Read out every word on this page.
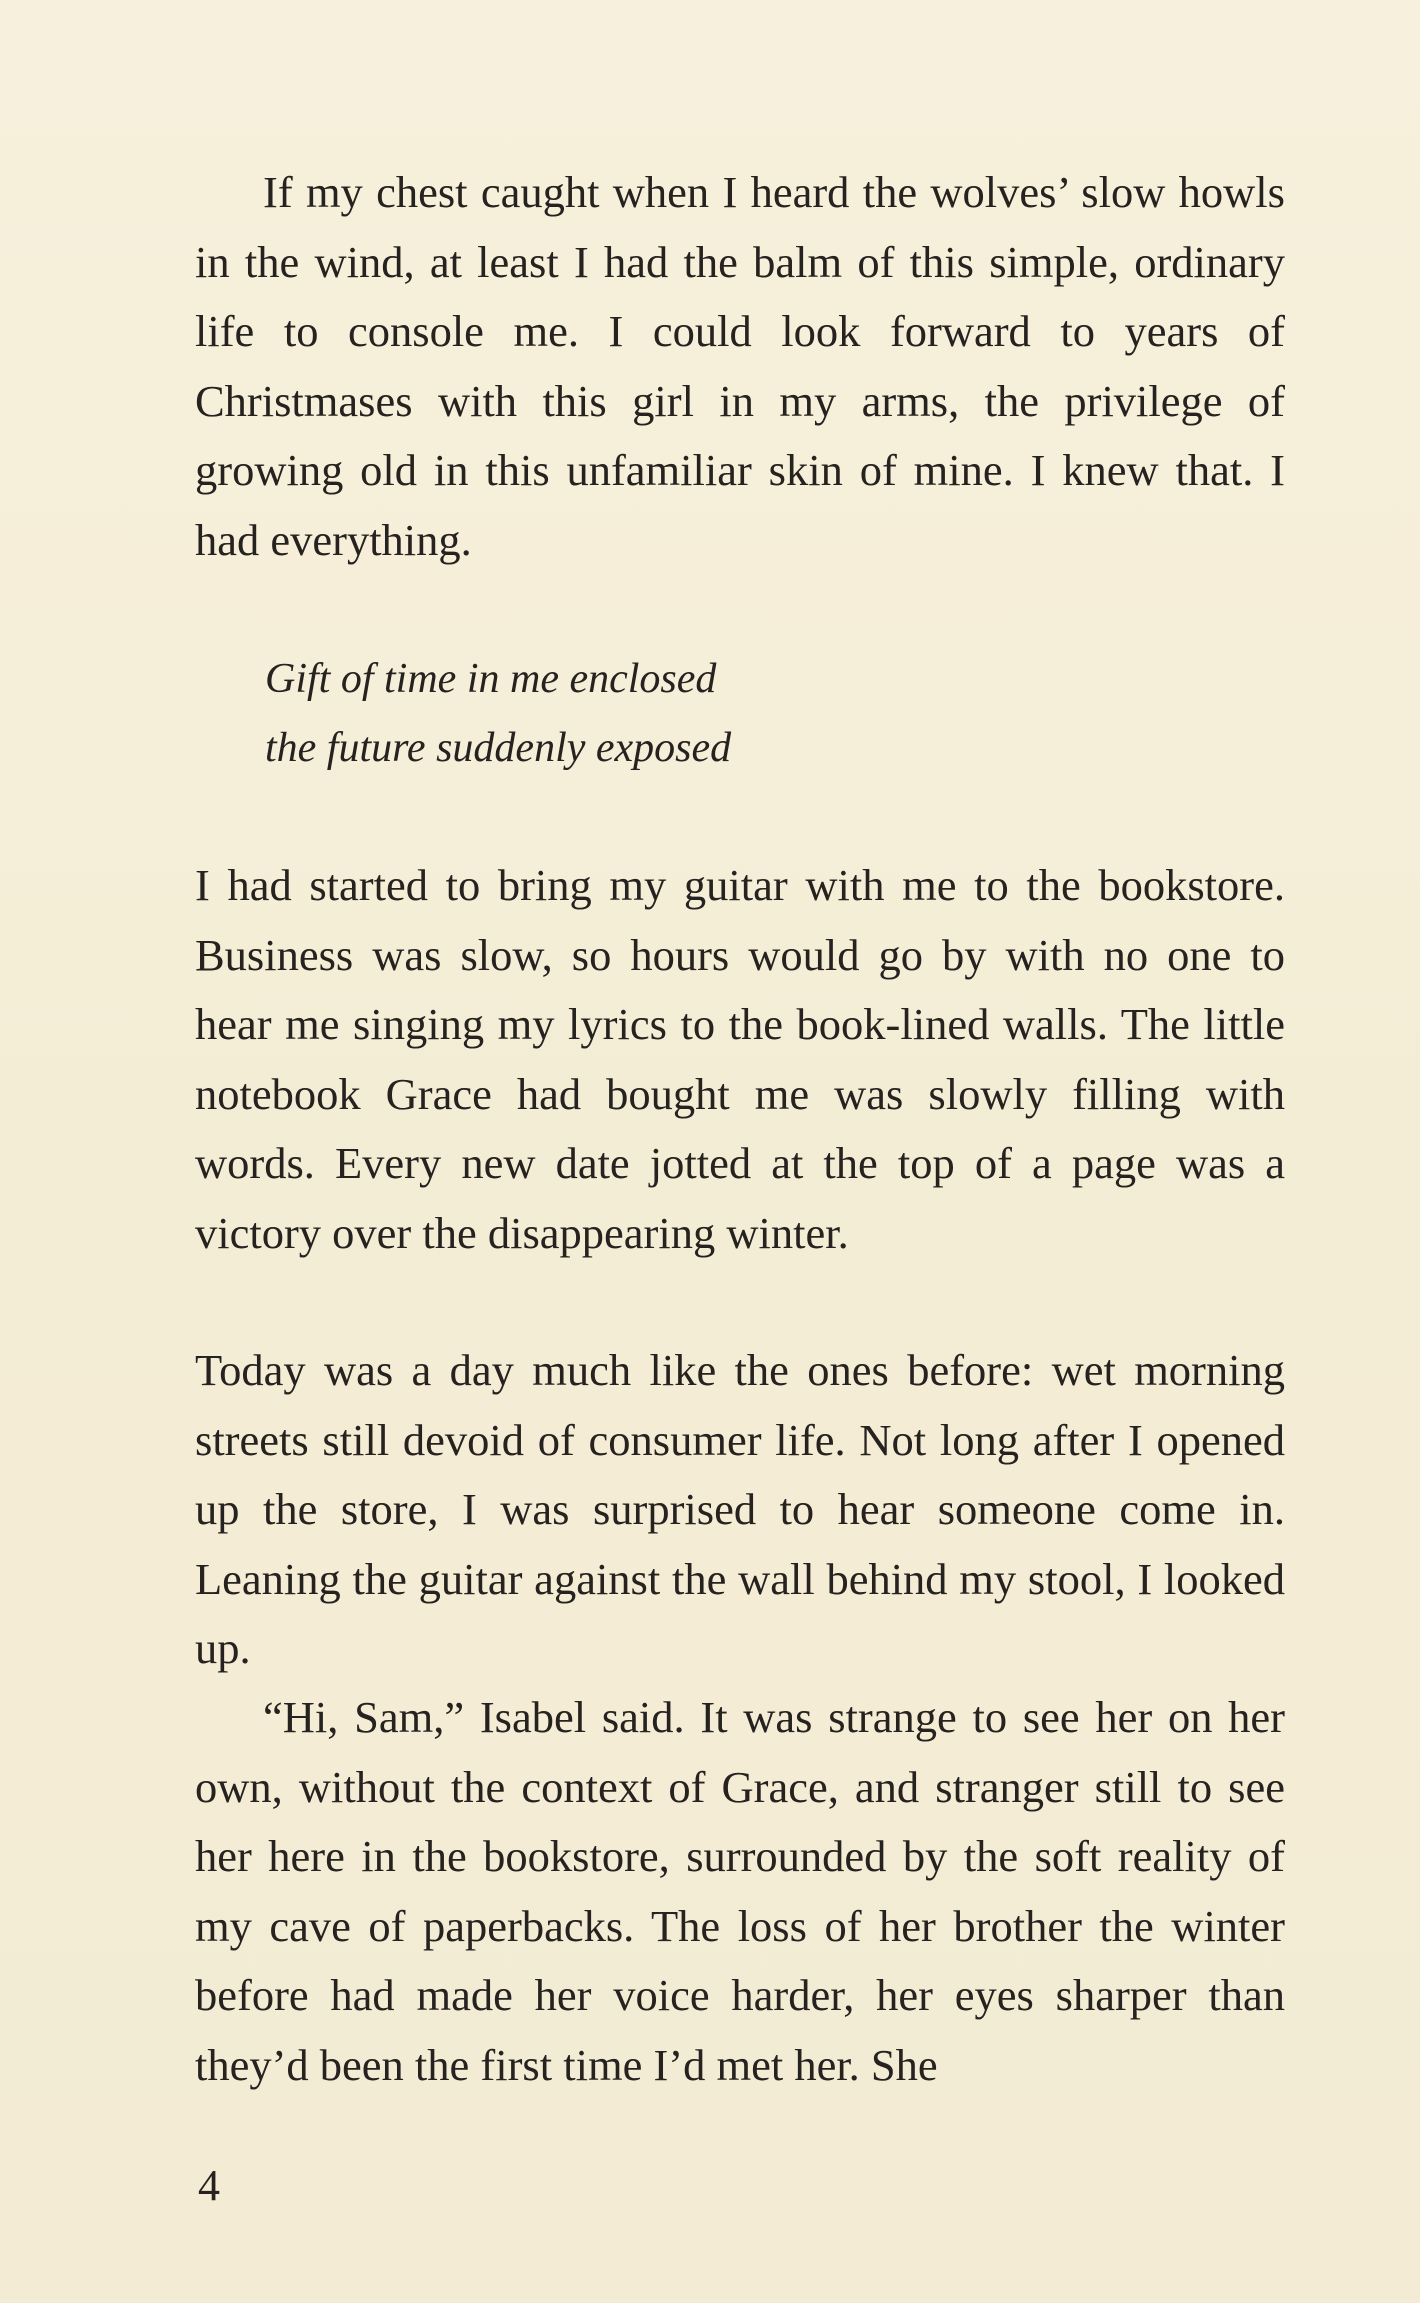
If my chest caught when I heard the wolves’ slow howls in the wind, at least I had the balm of this simple, ordinary life to console me. I could look forward to years of Christmases with this girl in my arms, the privilege of growing old in this unfamiliar skin of mine. I knew that. I had everything.

Gift of time in me enclosed
the future suddenly exposed

I had started to bring my guitar with me to the bookstore. Business was slow, so hours would go by with no one to hear me singing my lyrics to the book-lined walls. The little notebook Grace had bought me was slowly filling with words. Every new date jotted at the top of a page was a victory over the disappearing winter.

Today was a day much like the ones before: wet morning streets still devoid of consumer life. Not long after I opened up the store, I was surprised to hear someone come in. Leaning the guitar against the wall behind my stool, I looked up.

“Hi, Sam,” Isabel said. It was strange to see her on her own, without the context of Grace, and stranger still to see her here in the bookstore, surrounded by the soft reality of my cave of paperbacks. The loss of her brother the winter before had made her voice harder, her eyes sharper than they’d been the first time I’d met her. She

4
